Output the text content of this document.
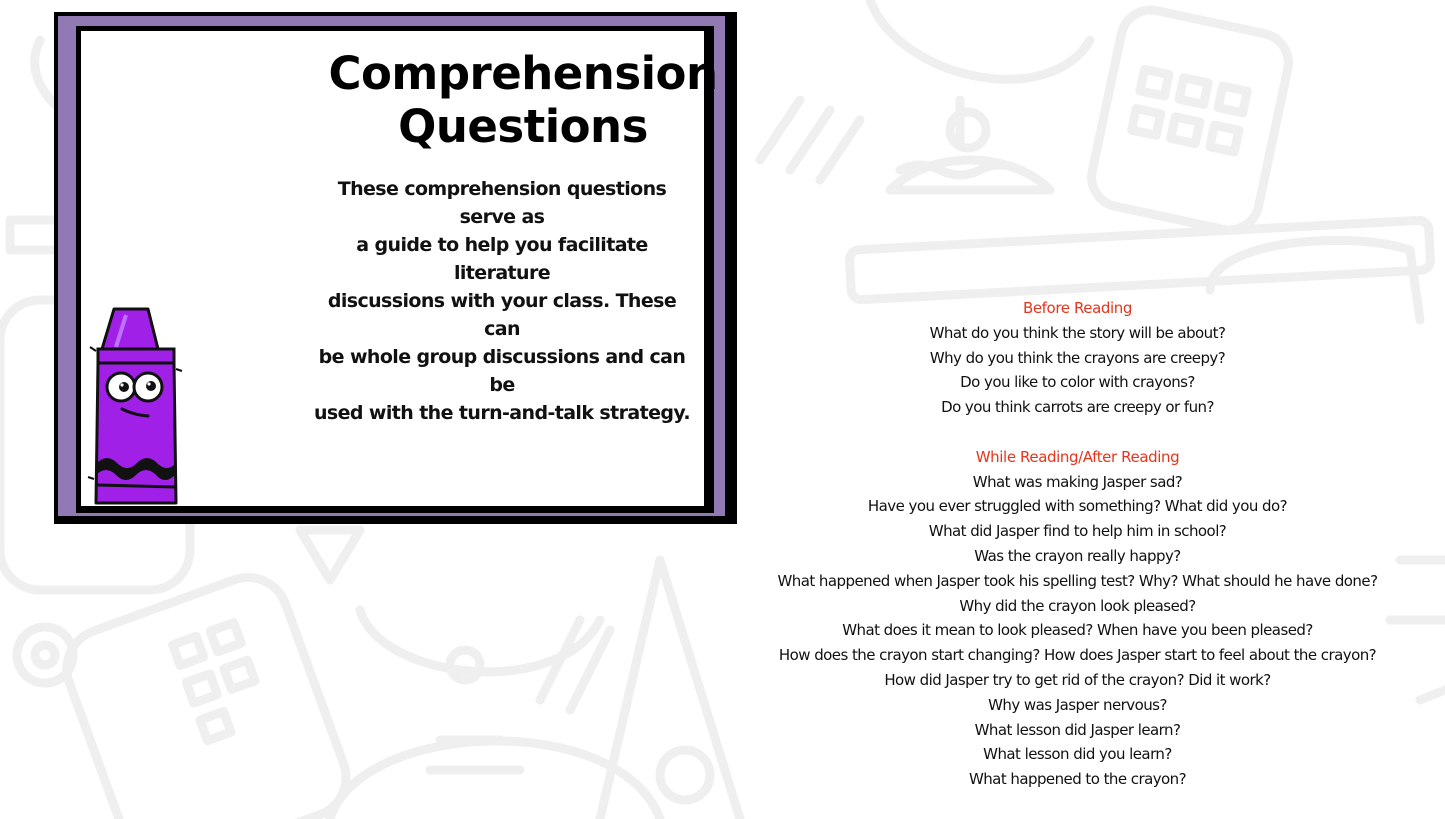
Comprehension
Questions

These comprehension questions serve as
a guide to help you facilitate literature
discussions with your class. These can
be whole group discussions and can be
used with the turn-and-talk strategy.

Before Reading
What do you think the story will be about?
Why do you think the crayons are creepy?
Do you like to color with crayons?
Do you think carrots are creepy or fun?
While Reading/After Reading
What was making Jasper sad?
Have you ever struggled with something? What did you do?
What did Jasper find to help him in school?
Was the crayon really happy?
What happened when Jasper took his spelling test? Why? What should he have done?
Why did the crayon look pleased?
What does it mean to look pleased? When have you been pleased?
How does the crayon start changing? How does Jasper start to feel about the crayon?
How did Jasper try to get rid of the crayon? Did it work?
Why was Jasper nervous?
What lesson did Jasper learn?
What lesson did you learn?
What happened to the crayon?
